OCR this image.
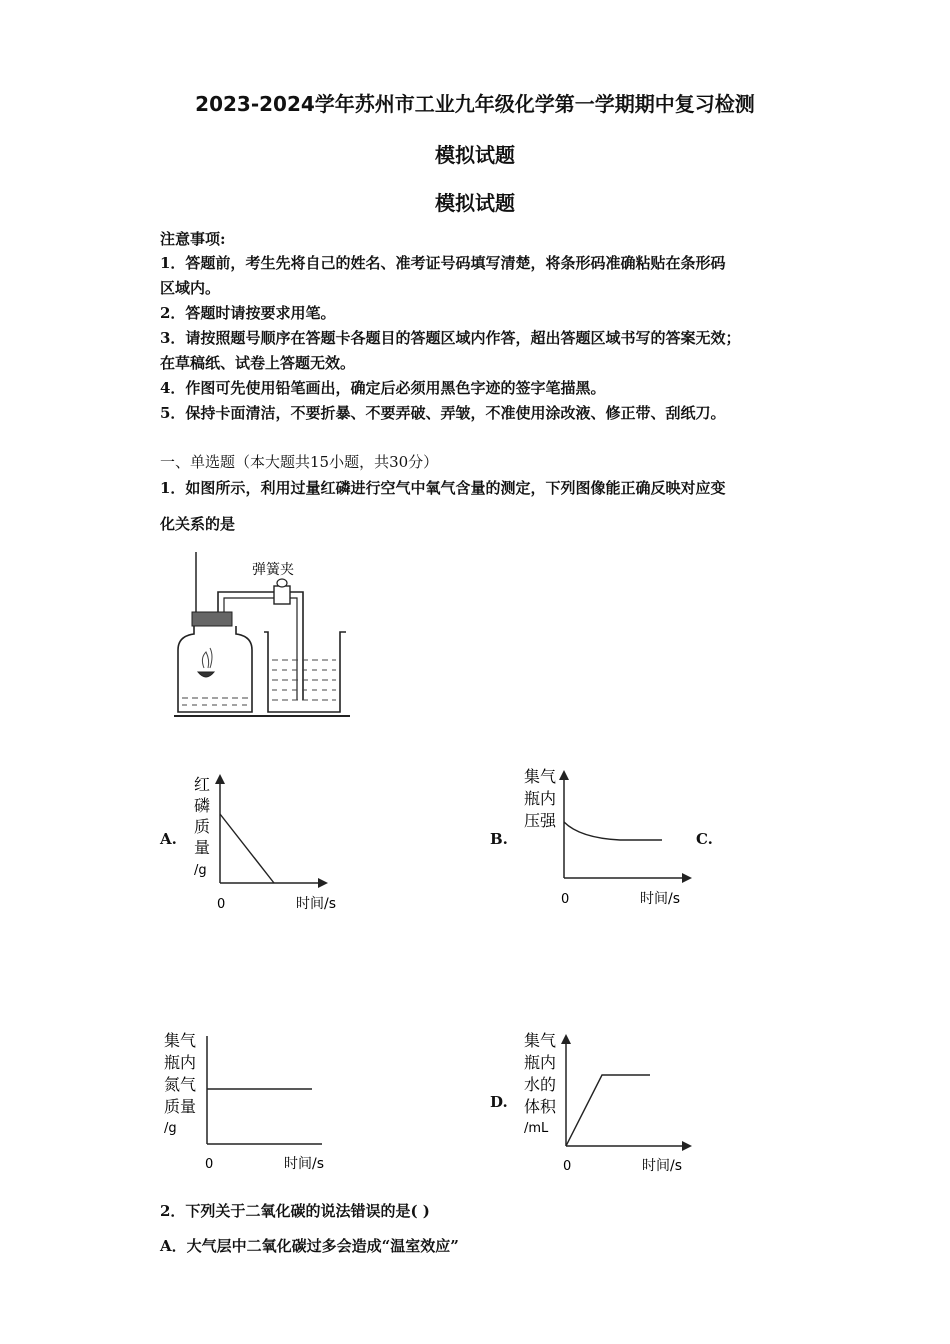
2023-2024学年苏州市工业九年级化学第一学期期中复习检测
模拟试题
模拟试题
注意事项:
1．答题前，考生先将自己的姓名、准考证号码填写清楚，将条形码准确粘贴在条形码
区域内。
2．答题时请按要求用笔。
3．请按照题号顺序在答题卡各题目的答题区域内作答，超出答题区域书写的答案无效；
在草稿纸、试卷上答题无效。
4．作图可先使用铅笔画出，确定后必须用黑色字迹的签字笔描黑。
5．保持卡面清洁，不要折暴、不要弄破、弄皱，不准使用涂改液、修正带、刮纸刀。
一、单选题（本大题共15小题，共30分）
1．如图所示，利用过量红磷进行空气中氧气含量的测定，下列图像能正确反映对应变
化关系的是
弹簧夹
A.
红
磷
质
量
/g
0	时间/s
B.
集气
瓶内
压强
0	时间/s
C.
集气
瓶内
氮气
质量
/g
0	时间/s
D.
集气
瓶内
水的
体积
/mL
0	时间/s
2．下列关于二氧化碳的说法错误的是( )
A．大气层中二氧化碳过多会造成“温室效应”
